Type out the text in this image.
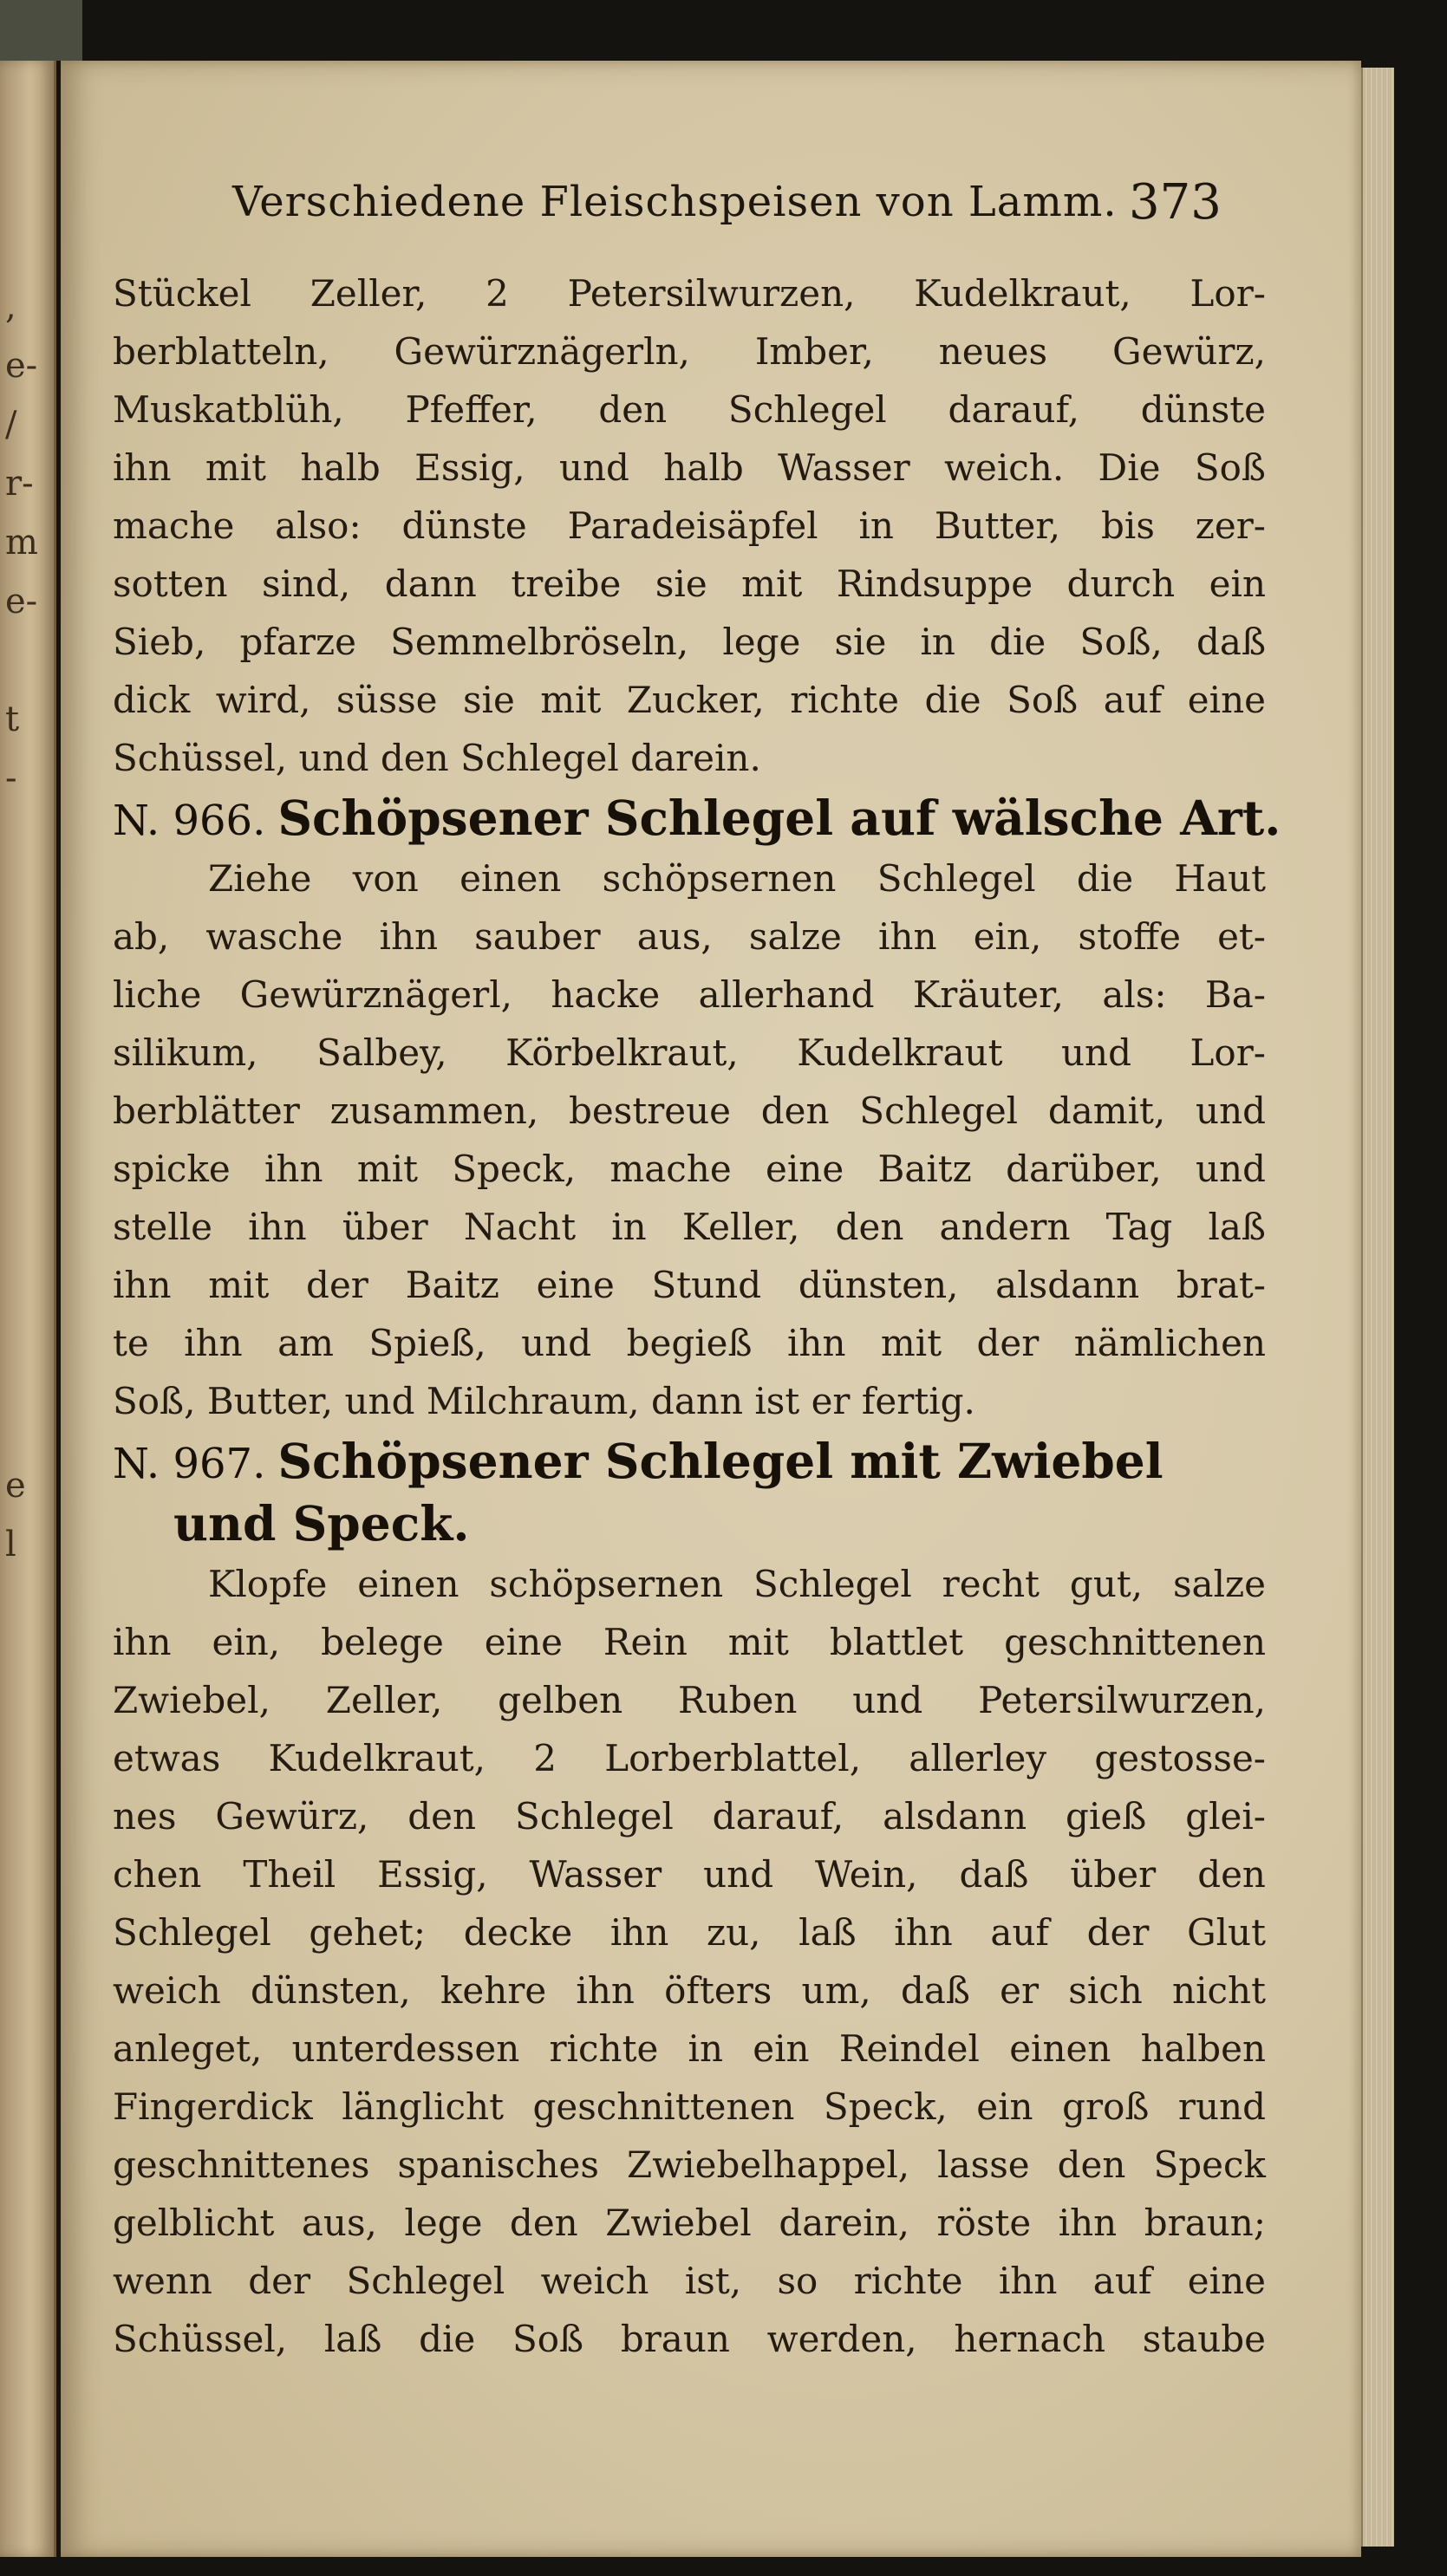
,
e-
/
r-
m
e-
t
-
e
l
Verschiedene Fleischspeisen von Lamm. 373
Stückel Zeller, 2 Petersilwurzen, Kudelkraut, Lor-
berblatteln, Gewürznägerln, Imber, neues Gewürz,
Muskatblüh, Pfeffer, den Schlegel darauf, dünste
ihn mit halb Essig, und halb Wasser weich. Die Soß
mache also: dünste Paradeisäpfel in Butter, bis zer-
sotten sind, dann treibe sie mit Rindsuppe durch ein
Sieb, pfarze Semmelbröseln, lege sie in die Soß, daß
dick wird, süsse sie mit Zucker, richte die Soß auf eine
Schüssel, und den Schlegel darein.
N. 966. Schöpsener Schlegel auf wälsche Art.
Ziehe von einen schöpsernen Schlegel die Haut
ab, wasche ihn sauber aus, salze ihn ein, stoffe et-
liche Gewürznägerl, hacke allerhand Kräuter, als: Ba-
silikum, Salbey, Körbelkraut, Kudelkraut und Lor-
berblätter zusammen, bestreue den Schlegel damit, und
spicke ihn mit Speck, mache eine Baitz darüber, und
stelle ihn über Nacht in Keller, den andern Tag laß
ihn mit der Baitz eine Stund dünsten, alsdann brat-
te ihn am Spieß, und begieß ihn mit der nämlichen
Soß, Butter, und Milchraum, dann ist er fertig.
N. 967. Schöpsener Schlegel mit Zwiebel
und Speck.
Klopfe einen schöpsernen Schlegel recht gut, salze
ihn ein, belege eine Rein mit blattlet geschnittenen
Zwiebel, Zeller, gelben Ruben und Petersilwurzen,
etwas Kudelkraut, 2 Lorberblattel, allerley gestosse-
nes Gewürz, den Schlegel darauf, alsdann gieß glei-
chen Theil Essig, Wasser und Wein, daß über den
Schlegel gehet; decke ihn zu, laß ihn auf der Glut
weich dünsten, kehre ihn öfters um, daß er sich nicht
anleget, unterdessen richte in ein Reindel einen halben
Fingerdick länglicht geschnittenen Speck, ein groß rund
geschnittenes spanisches Zwiebelhappel, lasse den Speck
gelblicht aus, lege den Zwiebel darein, röste ihn braun;
wenn der Schlegel weich ist, so richte ihn auf eine
Schüssel, laß die Soß braun werden, hernach staube
